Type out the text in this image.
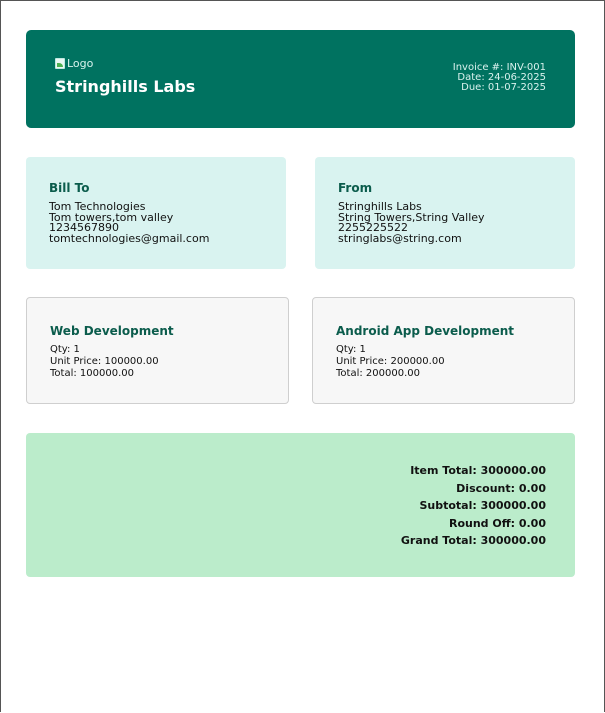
Logo
Stringhills Labs
Invoice #: INV-001
Date: 24-06-2025
Due: 01-07-2025
Bill To
Tom Technologies
Tom towers,tom valley
1234567890
tomtechnologies@gmail.com
From
Stringhills Labs
String Towers,String Valley
2255225522
stringlabs@string.com
Web Development
Qty: 1
Unit Price: 100000.00
Total: 100000.00
Android App Development
Qty: 1
Unit Price: 200000.00
Total: 200000.00
Item Total: 300000.00
Discount: 0.00
Subtotal: 300000.00
Round Off: 0.00
Grand Total: 300000.00
